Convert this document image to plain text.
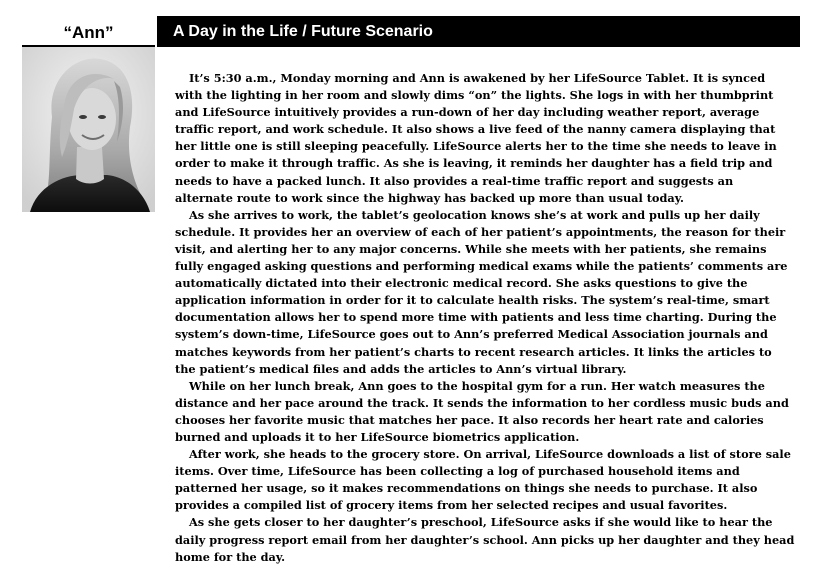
“Ann”	A Day in the Life / Future Scenario

It’s 5:30 a.m., Monday morning and Ann is awakened by her LifeSource Tablet. It is synced with the lighting in her room and slowly dims “on” the lights. She logs in with her thumbprint and LifeSource intuitively provides a run-down of her day including weather report, average traffic report, and work schedule. It also shows a live feed of the nanny camera displaying that her little one is still sleeping peacefully. LifeSource alerts her to the time she needs to leave in order to make it through traffic. As she is leaving, it reminds her daughter has a field trip and needs to have a packed lunch. It also provides a real-time traffic report and suggests an alternate route to work since the highway has backed up more than usual today.

As she arrives to work, the tablet’s geolocation knows she’s at work and pulls up her daily schedule. It provides her an overview of each of her patient’s appointments, the reason for their visit, and alerting her to any major concerns. While she meets with her patients, she remains fully engaged asking questions and performing medical exams while the patients’ comments are automatically dictated into their electronic medical record. She asks questions to give the application information in order for it to calculate health risks. The system’s real-time, smart documentation allows her to spend more time with patients and less time charting. During the system’s down-time, LifeSource goes out to Ann’s preferred Medical Association journals and matches keywords from her patient’s charts to recent research articles. It links the articles to the patient’s medical files and adds the articles to Ann’s virtual library.

While on her lunch break, Ann goes to the hospital gym for a run. Her watch measures the distance and her pace around the track. It sends the information to her cordless music buds and chooses her favorite music that matches her pace. It also records her heart rate and calories burned and uploads it to her LifeSource biometrics application.

After work, she heads to the grocery store. On arrival, LifeSource downloads a list of store sale items. Over time, LifeSource has been collecting a log of purchased household items and patterned her usage, so it makes recommendations on things she needs to purchase. It also provides a compiled list of grocery items from her selected recipes and usual favorites.

As she gets closer to her daughter’s preschool, LifeSource asks if she would like to hear the daily progress report email from her daughter’s school. Ann picks up her daughter and they head home for the day.
